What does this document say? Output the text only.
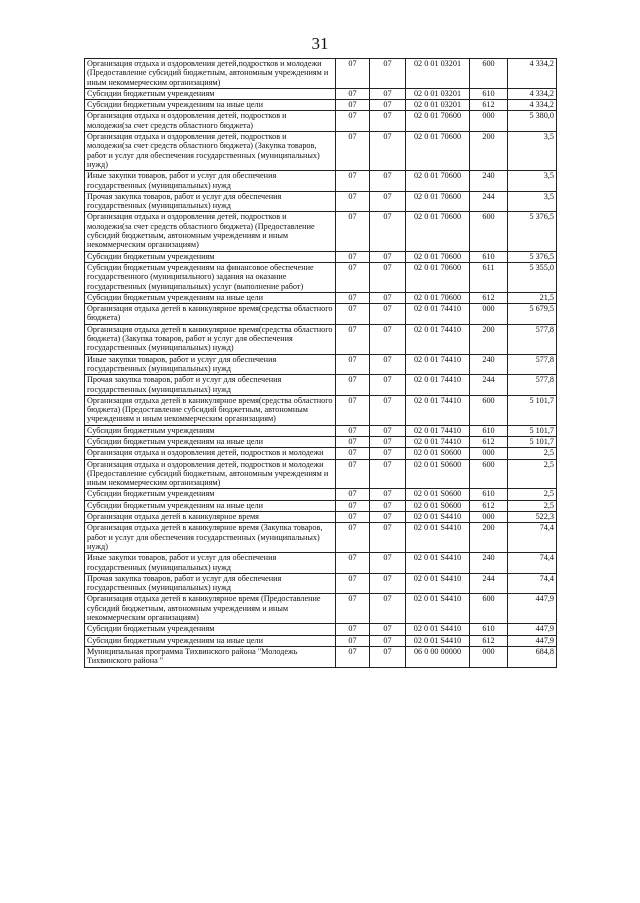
31
Организация отдыха и оздоровления детей,подростков и молодежи (Предоставление субсидий бюджетным, автономным учреждениям и иным некоммерческим организациям)	07	07	02 0 01 03201	600	4 334,2
Субсидии бюджетным учреждениям	07	07	02 0 01 03201	610	4 334,2
Субсидии бюджетным учреждениям на иные цели	07	07	02 0 01 03201	612	4 334,2
Организация отдыха и оздоровления детей, подростков и молодежи(за счет средств областного бюджета)	07	07	02 0 01 70600	000	5 380,0
Организация отдыха и оздоровления детей, подростков и молодежи(за счет средств областного бюджета) (Закупка товаров, работ и услуг для обеспечения государственных (муниципальных) нужд)	07	07	02 0 01 70600	200	3,5
Иные закупки товаров, работ и услуг для обеспечения государственных (муниципальных) нужд	07	07	02 0 01 70600	240	3,5
Прочая закупка товаров, работ и услуг для обеспечения государственных (муниципальных) нужд	07	07	02 0 01 70600	244	3,5
Организация отдыха и оздоровления детей, подростков и молодежи(за счет средств областного бюджета) (Предоставление субсидий бюджетным, автономным учреждениям и иным некоммерческим организациям)	07	07	02 0 01 70600	600	5 376,5
Субсидии бюджетным учреждениям	07	07	02 0 01 70600	610	5 376,5
Субсидии бюджетным учреждениям на финансовое обеспечение государственного (муниципального) задания на оказание государственных (муниципальных) услуг (выполнение работ)	07	07	02 0 01 70600	611	5 355,0
Субсидии бюджетным учреждениям на иные цели	07	07	02 0 01 70600	612	21,5
Организация отдыха детей в каникулярное время(средства областного бюджета)	07	07	02 0 01 74410	000	5 679,5
Организация отдыха детей в каникулярное время(средства областного бюджета) (Закупка товаров, работ и услуг для обеспечения государственных (муниципальных) нужд)	07	07	02 0 01 74410	200	577,8
Иные закупки товаров, работ и услуг для обеспечения государственных (муниципальных) нужд	07	07	02 0 01 74410	240	577,8
Прочая закупка товаров, работ и услуг для обеспечения государственных (муниципальных) нужд	07	07	02 0 01 74410	244	577,8
Организация отдыха детей в каникулярное время(средства областного бюджета) (Предоставление субсидий бюджетным, автономным учреждениям и иным некоммерческим организациям)	07	07	02 0 01 74410	600	5 101,7
Субсидии бюджетным учреждениям	07	07	02 0 01 74410	610	5 101,7
Субсидии бюджетным учреждениям на иные цели	07	07	02 0 01 74410	612	5 101,7
Организация отдыха и оздоровления детей, подростков и молодежи	07	07	02 0 01 S0600	000	2,5
Организация отдыха и оздоровления детей, подростков и молодежи (Предоставление субсидий бюджетным, автономным учреждениям и иным некоммерческим организациям)	07	07	02 0 01 S0600	600	2,5
Субсидии бюджетным учреждениям	07	07	02 0 01 S0600	610	2,5
Субсидии бюджетным учреждениям на иные цели	07	07	02 0 01 S0600	612	2,5
Организация отдыха детей в каникулярное время	07	07	02 0 01 S4410	000	522,3
Организация отдыха детей в каникулярное время (Закупка товаров, работ и услуг для обеспечения государственных (муниципальных) нужд)	07	07	02 0 01 S4410	200	74,4
Иные закупки товаров, работ и услуг для обеспечения государственных (муниципальных) нужд	07	07	02 0 01 S4410	240	74,4
Прочая закупка товаров, работ и услуг для обеспечения государственных (муниципальных) нужд	07	07	02 0 01 S4410	244	74,4
Организация отдыха детей в каникулярное время (Предоставление субсидий бюджетным, автономным учреждениям и иным некоммерческим организациям)	07	07	02 0 01 S4410	600	447,9
Субсидии бюджетным учреждениям	07	07	02 0 01 S4410	610	447,9
Субсидии бюджетным учреждениям на иные цели	07	07	02 0 01 S4410	612	447,9
Муниципальная программа Тихвинского района "Молодежь Тихвинского района "	07	07	06 0 00 00000	000	684,8
